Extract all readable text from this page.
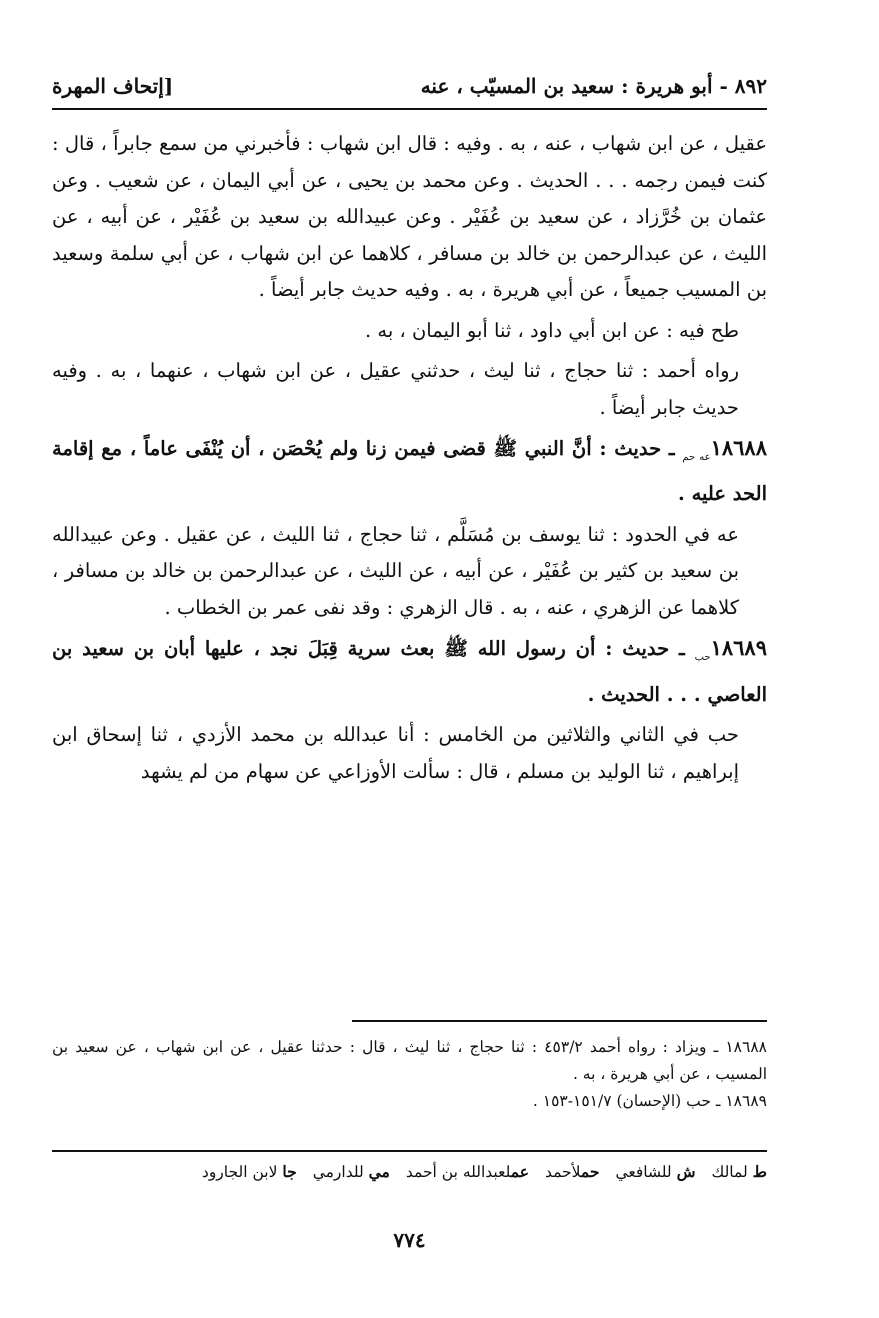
٨٩٢ - أبو هريرة : سعيد بن المسيّب ، عنه
[إتحاف المهرة

عقيل ، عن ابن شهاب ، عنه ، به . وفيه : قال ابن شهاب : فأخبرني من سمع جابراً ، قال : كنت فيمن رجمه . . . الحديث . وعن محمد بن يحيى ، عن أبي اليمان ، عن شعيب . وعن عثمان بن خُرَّزاد ، عن سعيد بن عُفَيْر . وعن عبيدالله بن سعيد بن عُفَيْر ، عن أبيه ، عن الليث ، عن عبدالرحمن بن خالد بن مسافر ، كلاهما عن ابن شهاب ، عن أبي سلمة وسعيد بن المسيب جميعاً ، عن أبي هريرة ، به . وفيه حديث جابر أيضاً .

طح فيه : عن ابن أبي داود ، ثنا أبو اليمان ، به .

رواه أحمد : ثنا حجاج ، ثنا ليث ، حدثني عقيل ، عن ابن شهاب ، عنهما ، به . وفيه حديث جابر أيضاً .

$١٨٦٨٨_{عه حم}$ ـ حديث : أنَّ النبي ﷺ قضى فيمن زنا ولم يُحْصَن ، أن يُنْفَى عاماً ، مع إقامة الحد عليه .

عه في الحدود : ثنا يوسف بن مُسَلَّم ، ثنا حجاج ، ثنا الليث ، عن عقيل . وعن عبيدالله بن سعيد بن كثير بن عُفَيْر ، عن أبيه ، عن الليث ، عن عبدالرحمن بن خالد بن مسافر ، كلاهما عن الزهري ، عنه ، به . قال الزهري : وقد نفى عمر بن الخطاب .

$١٨٦٨٩_{حب}$ ـ حديث : أن رسول الله ﷺ بعث سرية قِبَلَ نجد ، عليها أبان بن سعيد بن العاصي . . . الحديث .

حب في الثاني والثلاثين من الخامس : أنا عبدالله بن محمد الأزدي ، ثنا إسحاق ابن إبراهيم ، ثنا الوليد بن مسلم ، قال : سألت الأوزاعي عن سهام من لم يشهد

١٨٦٨٨ ـ ويزاد : رواه أحمد ٤٥٣/٢ : ثنا حجاج ، ثنا ليث ، قال : حدثنا عقيل ، عن ابن شهاب ، عن سعيد بن المسيب ، عن أبي هريرة ، به .

١٨٦٨٩ ـ حب (الإحسان) ١٥١/٧-١٥٣ .

ط لمالك
ش للشافعي
حملأحمد
عملعبدالله بن أحمد
مي للدارمي
جا لابن الجارود
٧٧٤
